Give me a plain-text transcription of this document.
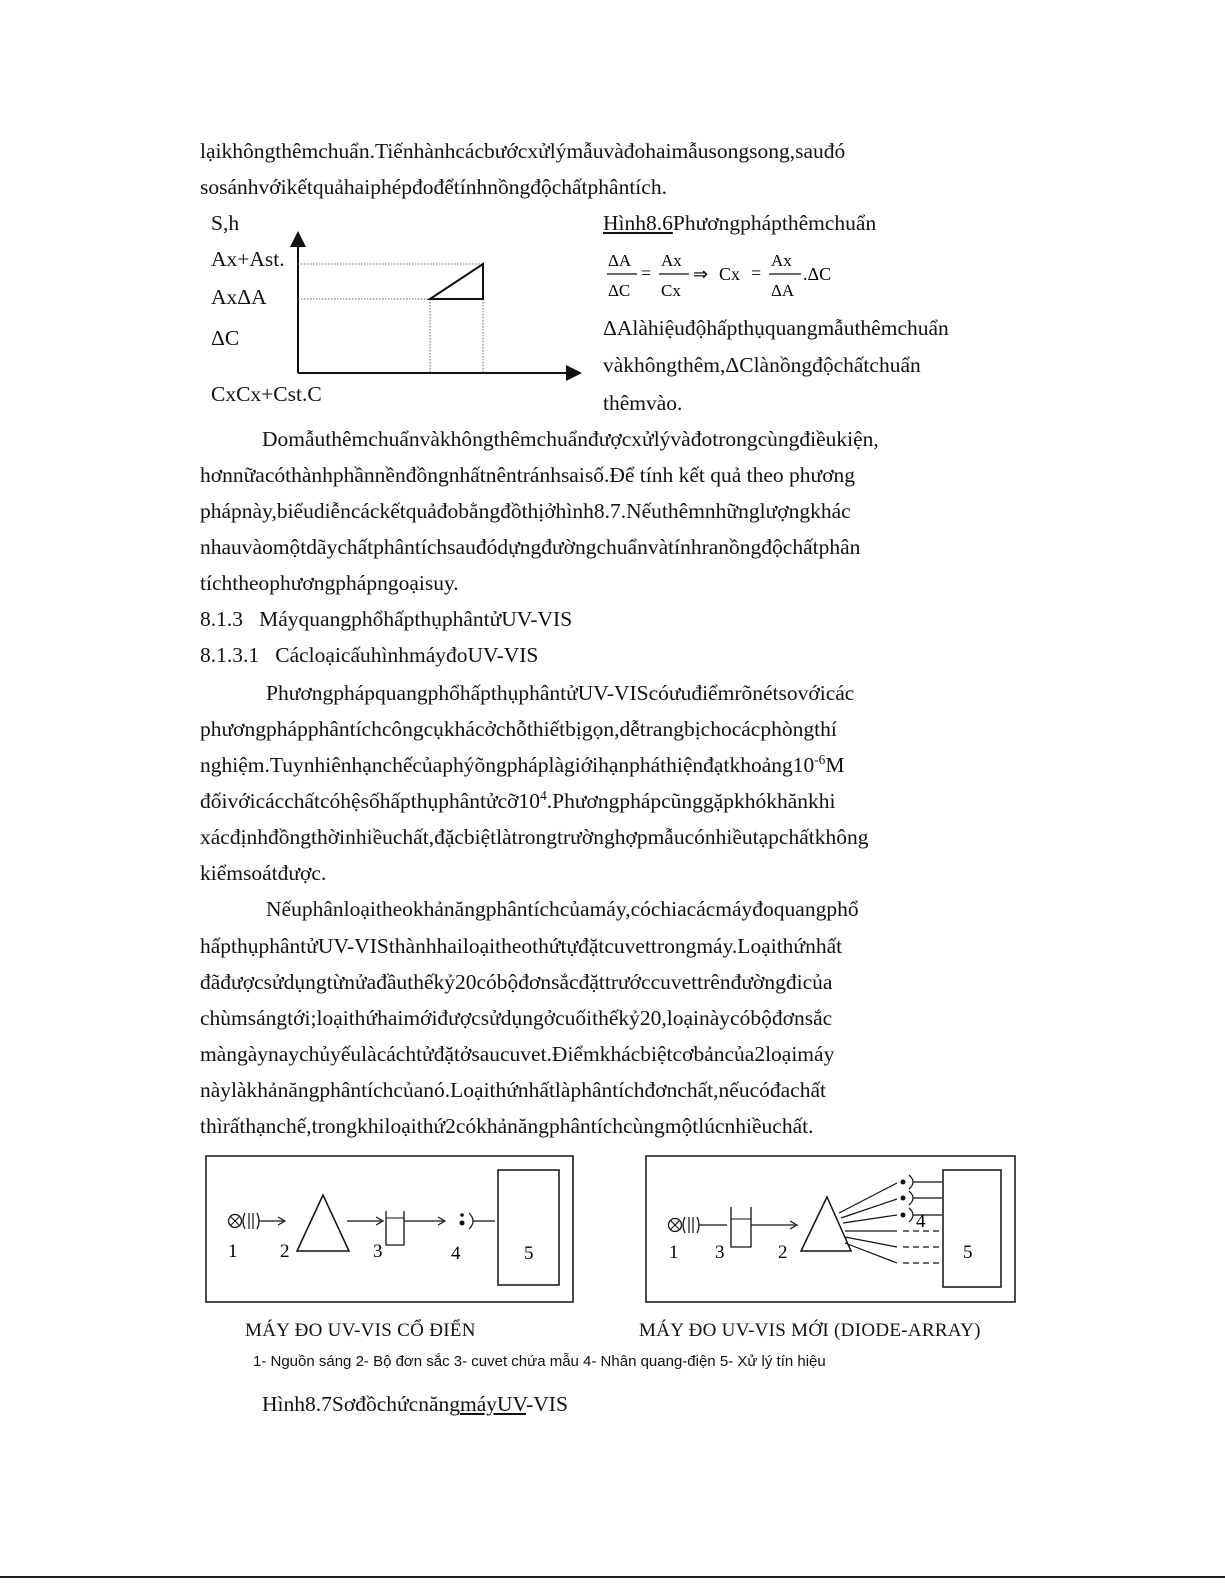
lạikhôngthêmchuẩn.Tiếnhànhcácbướcxửlýmẫuvàđohaimẫusongsong,sauđó
sosánhvớikếtquảhaiphépđođểtínhnồngđộchấtphântích.
S,h
Ax+Ast.
AxΔA
ΔC
CxCx+Cst.C
Hình8.6Phươngphápthêmchuẩn
ΔA
ΔC
=
Ax
Cx
⇒ Cx =
Ax
ΔA
.ΔC
ΔAlàhiệuđộhấpthụquangmẫuthêmchuẩn
vàkhôngthêm,ΔClànồngđộchấtchuẩn
thêmvào.
Domẫuthêmchuẩnvàkhôngthêmchuẩnđượcxửlývàđotrongcùngđiềukiện,
hơnnữacóthànhphầnnềnđồngnhấtnêntránhsaisố.Để tính kết quả theo phương
phápnày,biểudiễncáckếtquảđobằngđồthịởhình8.7.Nếuthêmnhữnglượngkhác
nhauvàomộtdãychấtphântíchsauđódựngđườngchuẩnvàtínhranồngđộchấtphân
tíchtheophươngphápngoạisuy.
8.1.3   MáyquangphổhấpthụphântửUV-VIS
8.1.3.1   CácloạicấuhìnhmáyđoUV-VIS
PhươngphápquangphổhấpthụphântửUV-VIScóưuđiểmrõnétsovớicác
phươngphápphântíchcôngcụkhácởchỗthiếtbịgọn,dễtrangbịchocácphòngthí
$nghiệm.Tuynhiênhạnchếcủaphýõngpháplàgiớihạnpháthiệnđạtkhoảng10^{-6}M$
$đốivớicácchấtcóhệsốhấpthụphântửcỡ10^4.Phươngphápcũnggặpkhókhănkhi$
xácđịnhđồngthờinhiềuchất,đặcbiệtlàtrongtrườnghợpmẫucónhiềutạpchấtkhông
kiểmsoátđược.
Nếuphânloạitheokhảnăngphântíchcủamáy,cóchiacácmáyđoquangphổ
hấpthụphântửUV-VISthànhhailoạitheothứtựđặtcuvettrongmáy.Loạithứnhất
đãđượcsửdụngtừnửađầuthếkỷ20cóbộđơnsắcđặttrướccuvettrênđườngđicủa
chùmsángtới;loạithứhaimớiđượcsửdụngởcuốithếkỷ20,loạinàycóbộđơnsắc
màngàynaychủyếulàcáchtửđặtởsaucuvet.Điểmkhácbiệtcơbảncủa2loạimáy
nàylàkhảnăngphântíchcủanó.Loạithứnhấtlàphântíchđơnchất,nếucóđachất
thìrấthạnchế,trongkhiloạithứ2cókhảnăngphântíchcùngmộtlúcnhiềuchất.
1 2	3	4	5	1 3	2
4
5
MÁY ĐO UV-VIS CỔ ĐIỂN	MÁY ĐO UV-VIS MỚI (DIODE-ARRAY)
1- Nguồn sáng 2- Bộ đơn sắc 3- cuvet chứa mẫu 4- Nhân quang-điện 5- Xử lý tín hiệu
Hình8.7SơđồchứcnăngmáyUV-VIS
